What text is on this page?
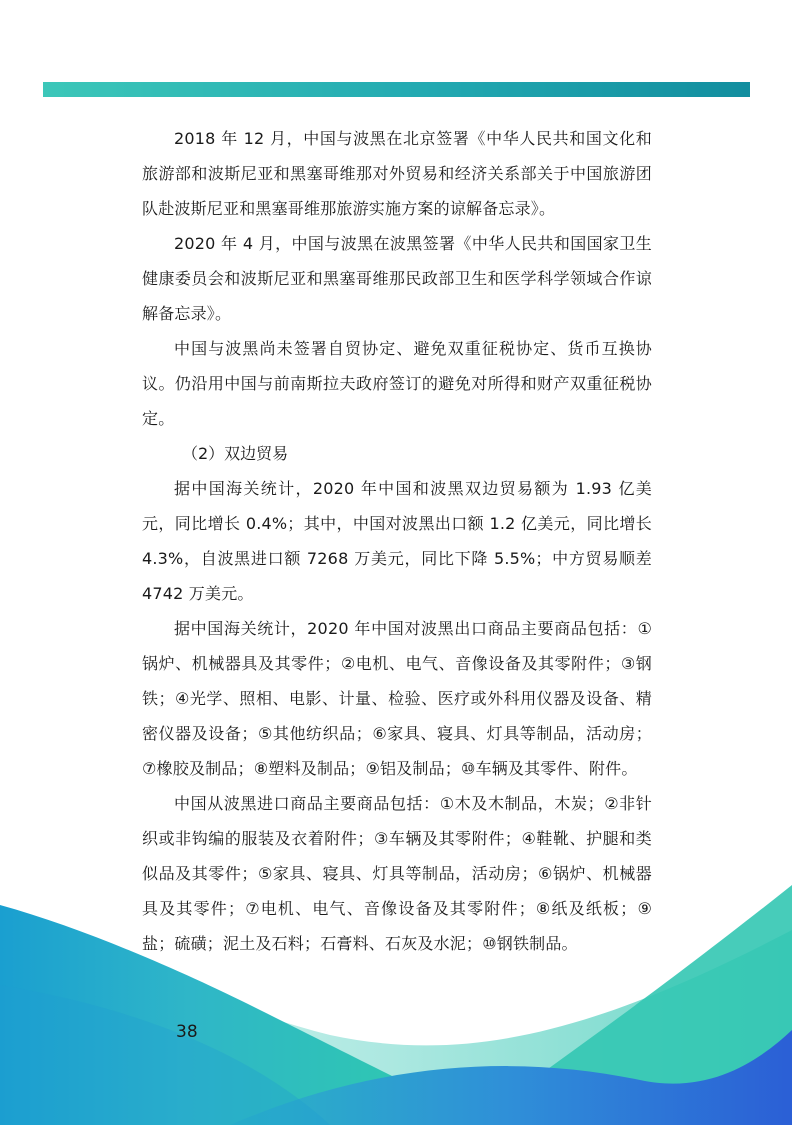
2018 年 12 月，中国与波黑在北京签署《中华人民共和国文化和旅游部和波斯尼亚和黑塞哥维那对外贸易和经济关系部关于中国旅游团队赴波斯尼亚和黑塞哥维那旅游实施方案的谅解备忘录》。

2020 年 4 月，中国与波黑在波黑签署《中华人民共和国国家卫生健康委员会和波斯尼亚和黑塞哥维那民政部卫生和医学科学领域合作谅解备忘录》。

中国与波黑尚未签署自贸协定、避免双重征税协定、货币互换协议。仍沿用中国与前南斯拉夫政府签订的避免对所得和财产双重征税协定。

（2）双边贸易

据中国海关统计，2020 年中国和波黑双边贸易额为 1.93 亿美元，同比增长 0.4%；其中，中国对波黑出口额 1.2 亿美元，同比增长 4.3%，自波黑进口额 7268 万美元，同比下降 5.5%；中方贸易顺差 4742 万美元。

据中国海关统计，2020 年中国对波黑出口商品主要商品包括：①锅炉、机械器具及其零件；②电机、电气、音像设备及其零附件；③钢铁；④光学、照相、电影、计量、检验、医疗或外科用仪器及设备、精密仪器及设备；⑤其他纺织品；⑥家具、寝具、灯具等制品，活动房；⑦橡胶及制品；⑧塑料及制品；⑨铝及制品；⑩车辆及其零件、附件。

中国从波黑进口商品主要商品包括：①木及木制品，木炭；②非针织或非钩编的服装及衣着附件；③车辆及其零附件；④鞋靴、护腿和类似品及其零件；⑤家具、寝具、灯具等制品，活动房；⑥锅炉、机械器具及其零件；⑦电机、电气、音像设备及其零附件；⑧纸及纸板；⑨盐；硫磺；泥土及石料；石膏料、石灰及水泥；⑩钢铁制品。

38
